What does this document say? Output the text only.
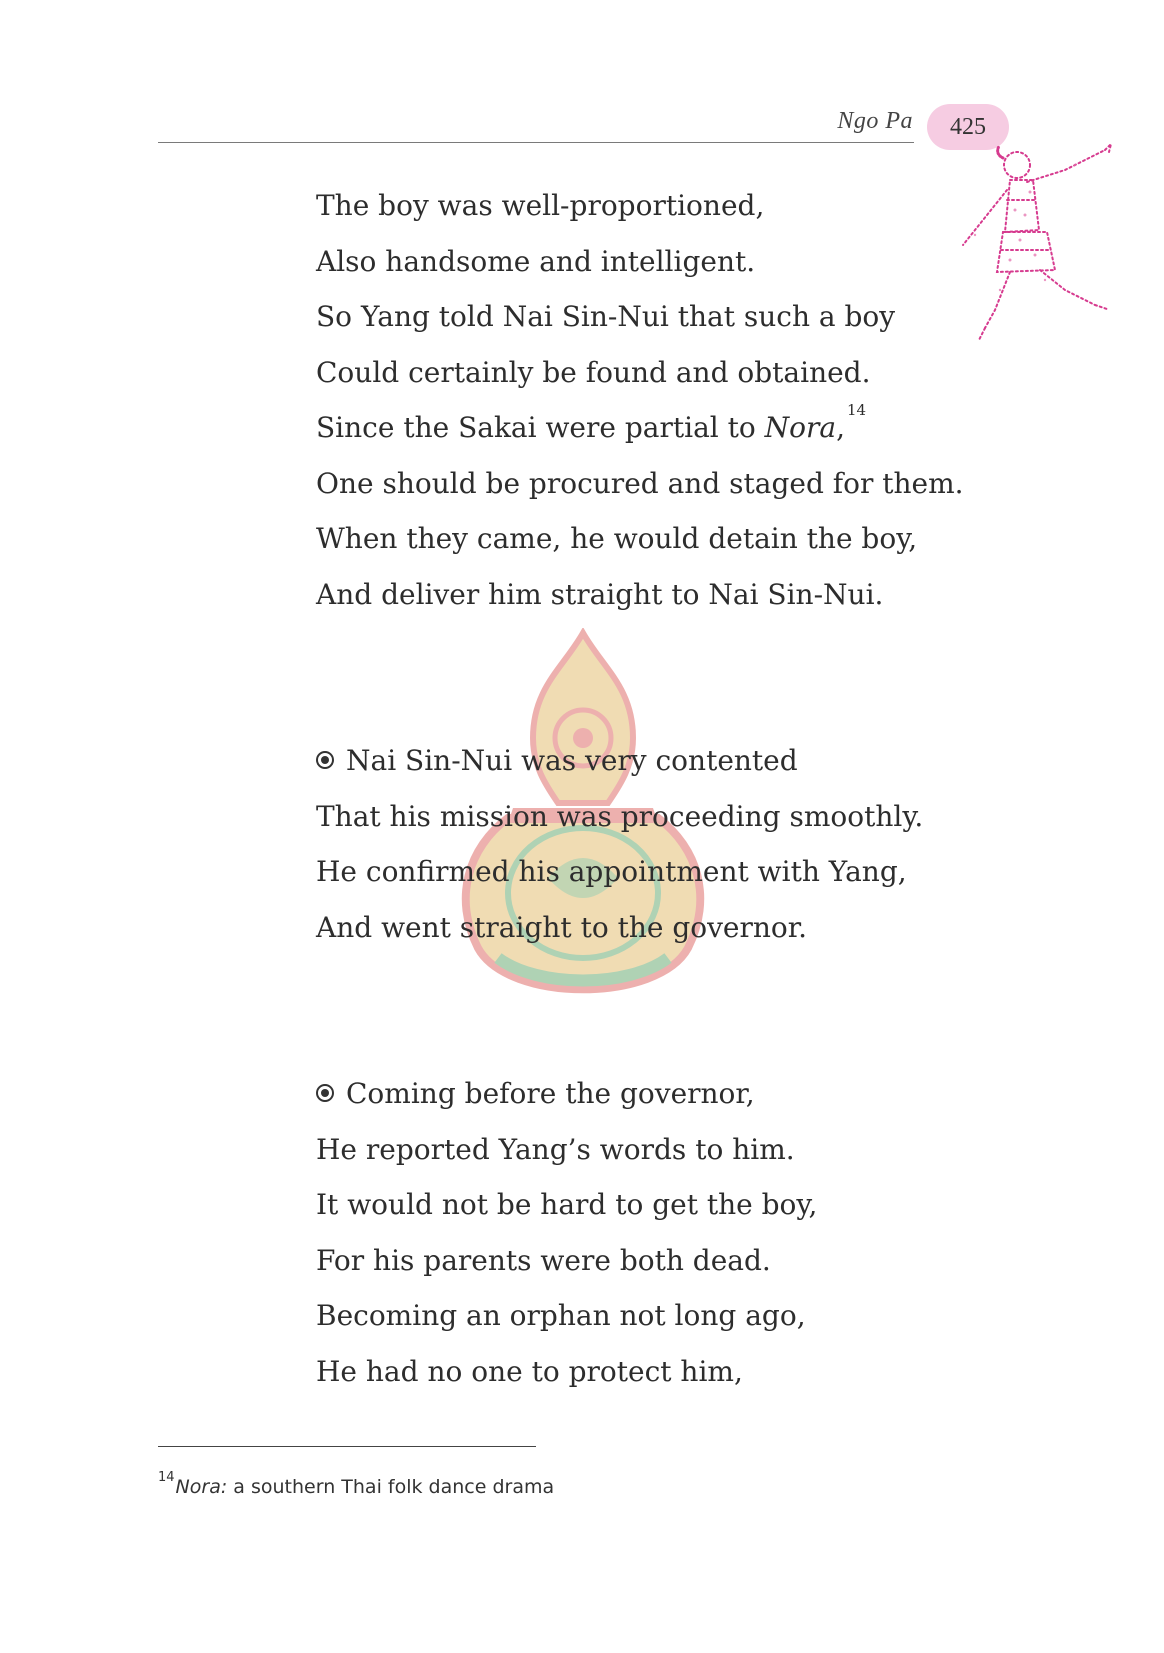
Ngo Pa 425
The boy was well-proportioned,
Also handsome and intelligent.
So Yang told Nai Sin-Nui that such a boy
Could certainly be found and obtained.
Since the Sakai were partial to Nora,$^{14}$
One should be procured and staged for them.
When they came, he would detain the boy,
And deliver him straight to Nai Sin-Nui.
Nai Sin-Nui was very contented
That his mission was proceeding smoothly.
He confirmed his appointment with Yang,
And went straight to the governor.
Coming before the governor,
He reported Yang’s words to him.
It would not be hard to get the boy,
For his parents were both dead.
Becoming an orphan not long ago,
He had no one to protect him,
$^{14}$Nora: a southern Thai folk dance drama
